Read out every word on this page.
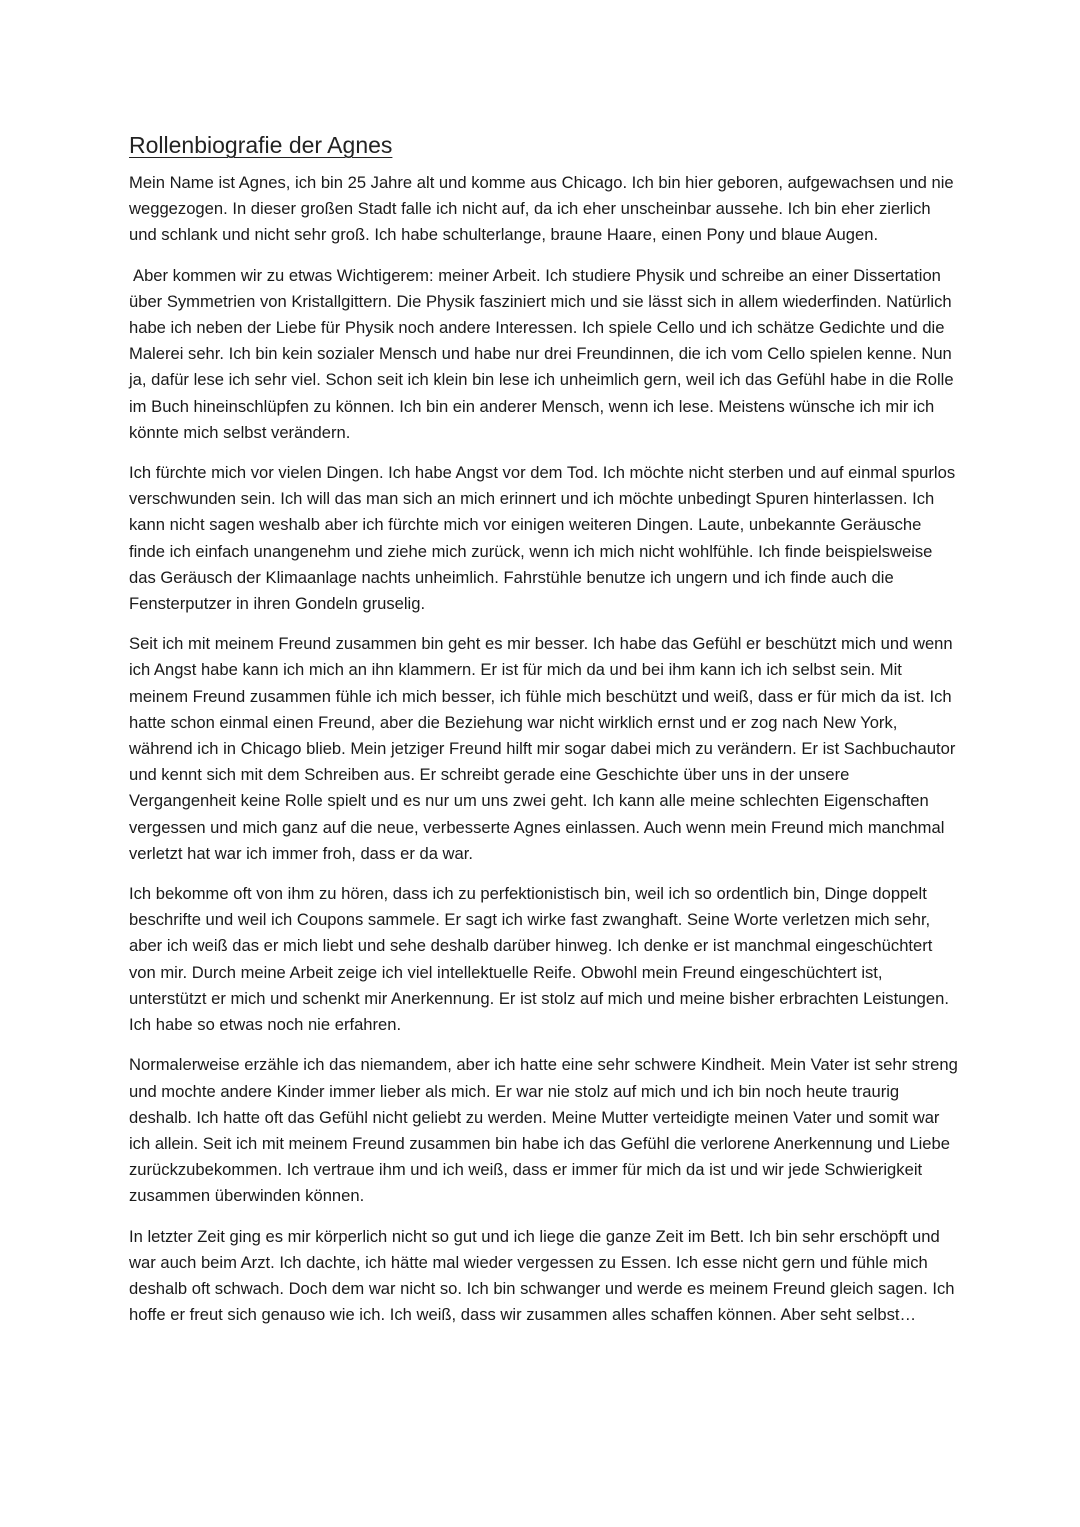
Rollenbiografie der Agnes

Mein Name ist Agnes, ich bin 25 Jahre alt und komme aus Chicago. Ich bin hier geboren, aufgewachsen und nie weggezogen. In dieser großen Stadt falle ich nicht auf, da ich eher unscheinbar aussehe. Ich bin eher zierlich und schlank und nicht sehr groß. Ich habe schulterlange, braune Haare, einen Pony und blaue Augen.

Aber kommen wir zu etwas Wichtigerem: meiner Arbeit. Ich studiere Physik und schreibe an einer Dissertation über Symmetrien von Kristallgittern. Die Physik fasziniert mich und sie lässt sich in allem wiederfinden. Natürlich habe ich neben der Liebe für Physik noch andere Interessen. Ich spiele Cello und ich schätze Gedichte und die Malerei sehr. Ich bin kein sozialer Mensch und habe nur drei Freundinnen, die ich vom Cello spielen kenne. Nun ja, dafür lese ich sehr viel. Schon seit ich klein bin lese ich unheimlich gern, weil ich das Gefühl habe in die Rolle im Buch hineinschlüpfen zu können. Ich bin ein anderer Mensch, wenn ich lese. Meistens wünsche ich mir ich könnte mich selbst verändern.

Ich fürchte mich vor vielen Dingen. Ich habe Angst vor dem Tod. Ich möchte nicht sterben und auf einmal spurlos verschwunden sein. Ich will das man sich an mich erinnert und ich möchte unbedingt Spuren hinterlassen. Ich kann nicht sagen weshalb aber ich fürchte mich vor einigen weiteren Dingen. Laute, unbekannte Geräusche finde ich einfach unangenehm und ziehe mich zurück, wenn ich mich nicht wohlfühle. Ich finde beispielsweise das Geräusch der Klimaanlage nachts unheimlich. Fahrstühle benutze ich ungern und ich finde auch die Fensterputzer in ihren Gondeln gruselig.

Seit ich mit meinem Freund zusammen bin geht es mir besser. Ich habe das Gefühl er beschützt mich und wenn ich Angst habe kann ich mich an ihn klammern. Er ist für mich da und bei ihm kann ich ich selbst sein. Mit meinem Freund zusammen fühle ich mich besser, ich fühle mich beschützt und weiß, dass er für mich da ist. Ich hatte schon einmal einen Freund, aber die Beziehung war nicht wirklich ernst und er zog nach New York, während ich in Chicago blieb. Mein jetziger Freund hilft mir sogar dabei mich zu verändern. Er ist Sachbuchautor und kennt sich mit dem Schreiben aus. Er schreibt gerade eine Geschichte über uns in der unsere Vergangenheit keine Rolle spielt und es nur um uns zwei geht. Ich kann alle meine schlechten Eigenschaften vergessen und mich ganz auf die neue, verbesserte Agnes einlassen. Auch wenn mein Freund mich manchmal verletzt hat war ich immer froh, dass er da war.

Ich bekomme oft von ihm zu hören, dass ich zu perfektionistisch bin, weil ich so ordentlich bin, Dinge doppelt beschrifte und weil ich Coupons sammele. Er sagt ich wirke fast zwanghaft. Seine Worte verletzen mich sehr, aber ich weiß das er mich liebt und sehe deshalb darüber hinweg. Ich denke er ist manchmal eingeschüchtert von mir. Durch meine Arbeit zeige ich viel intellektuelle Reife. Obwohl mein Freund eingeschüchtert ist, unterstützt er mich und schenkt mir Anerkennung. Er ist stolz auf mich und meine bisher erbrachten Leistungen. Ich habe so etwas noch nie erfahren.

Normalerweise erzähle ich das niemandem, aber ich hatte eine sehr schwere Kindheit. Mein Vater ist sehr streng und mochte andere Kinder immer lieber als mich. Er war nie stolz auf mich und ich bin noch heute traurig deshalb. Ich hatte oft das Gefühl nicht geliebt zu werden. Meine Mutter verteidigte meinen Vater und somit war ich allein. Seit ich mit meinem Freund zusammen bin habe ich das Gefühl die verlorene Anerkennung und Liebe zurückzubekommen. Ich vertraue ihm und ich weiß, dass er immer für mich da ist und wir jede Schwierigkeit zusammen überwinden können.

In letzter Zeit ging es mir körperlich nicht so gut und ich liege die ganze Zeit im Bett. Ich bin sehr erschöpft und war auch beim Arzt. Ich dachte, ich hätte mal wieder vergessen zu Essen. Ich esse nicht gern und fühle mich deshalb oft schwach. Doch dem war nicht so. Ich bin schwanger und werde es meinem Freund gleich sagen. Ich hoffe er freut sich genauso wie ich. Ich weiß, dass wir zusammen alles schaffen können. Aber seht selbst…
